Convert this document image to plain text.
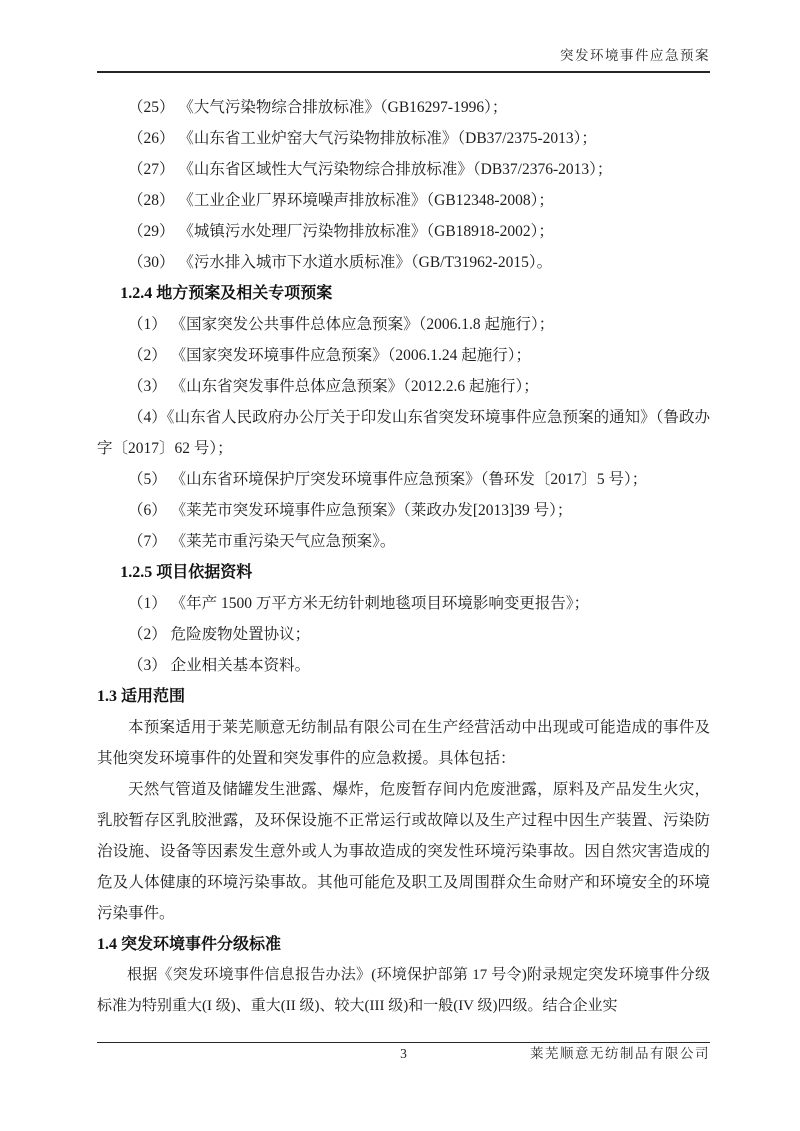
突发环境事件应急预案

（25） 《大气污染物综合排放标准》（GB16297-1996）；

（26） 《山东省工业炉窑大气污染物排放标准》（DB37/2375-2013）；

（27） 《山东省区域性大气污染物综合排放标准》（DB37/2376-2013）；

（28） 《工业企业厂界环境噪声排放标准》（GB12348-2008）；

（29） 《城镇污水处理厂污染物排放标准》（GB18918-2002）；

（30） 《污水排入城市下水道水质标准》（GB/T31962-2015）。

1.2.4 地方预案及相关专项预案

（1） 《国家突发公共事件总体应急预案》（2006.1.8 起施行）；

（2） 《国家突发环境事件应急预案》（2006.1.24 起施行）；

（3） 《山东省突发事件总体应急预案》（2012.2.6 起施行）；

（4）《山东省人民政府办公厅关于印发山东省突发环境事件应急预案的通知》（鲁政办字〔2017〕62 号）；

（5） 《山东省环境保护厅突发环境事件应急预案》（鲁环发〔2017〕5 号）；

（6） 《莱芜市突发环境事件应急预案》（莱政办发[2013]39 号）；

（7） 《莱芜市重污染天气应急预案》。

1.2.5 项目依据资料

（1） 《年产 1500 万平方米无纺针刺地毯项目环境影响变更报告》；

（2） 危险废物处置协议；

（3） 企业相关基本资料。

1.3 适用范围

本预案适用于莱芜顺意无纺制品有限公司在生产经营活动中出现或可能造成的事件及其他突发环境事件的处置和突发事件的应急救援。具体包括：

天然气管道及储罐发生泄露、爆炸，危废暂存间内危废泄露，原料及产品发生火灾，乳胶暂存区乳胶泄露，及环保设施不正常运行或故障以及生产过程中因生产装置、污染防治设施、设备等因素发生意外或人为事故造成的突发性环境污染事故。因自然灾害造成的危及人体健康的环境污染事故。其他可能危及职工及周围群众生命财产和环境安全的环境污染事件。

1.4 突发环境事件分级标准

根据《突发环境事件信息报告办法》(环境保护部第 17 号令)附录规定突发环境事件分级标准为特别重大(I 级)、重大(II 级)、较大(III 级)和一般(IV 级)四级。结合企业实

3	莱芜顺意无纺制品有限公司
